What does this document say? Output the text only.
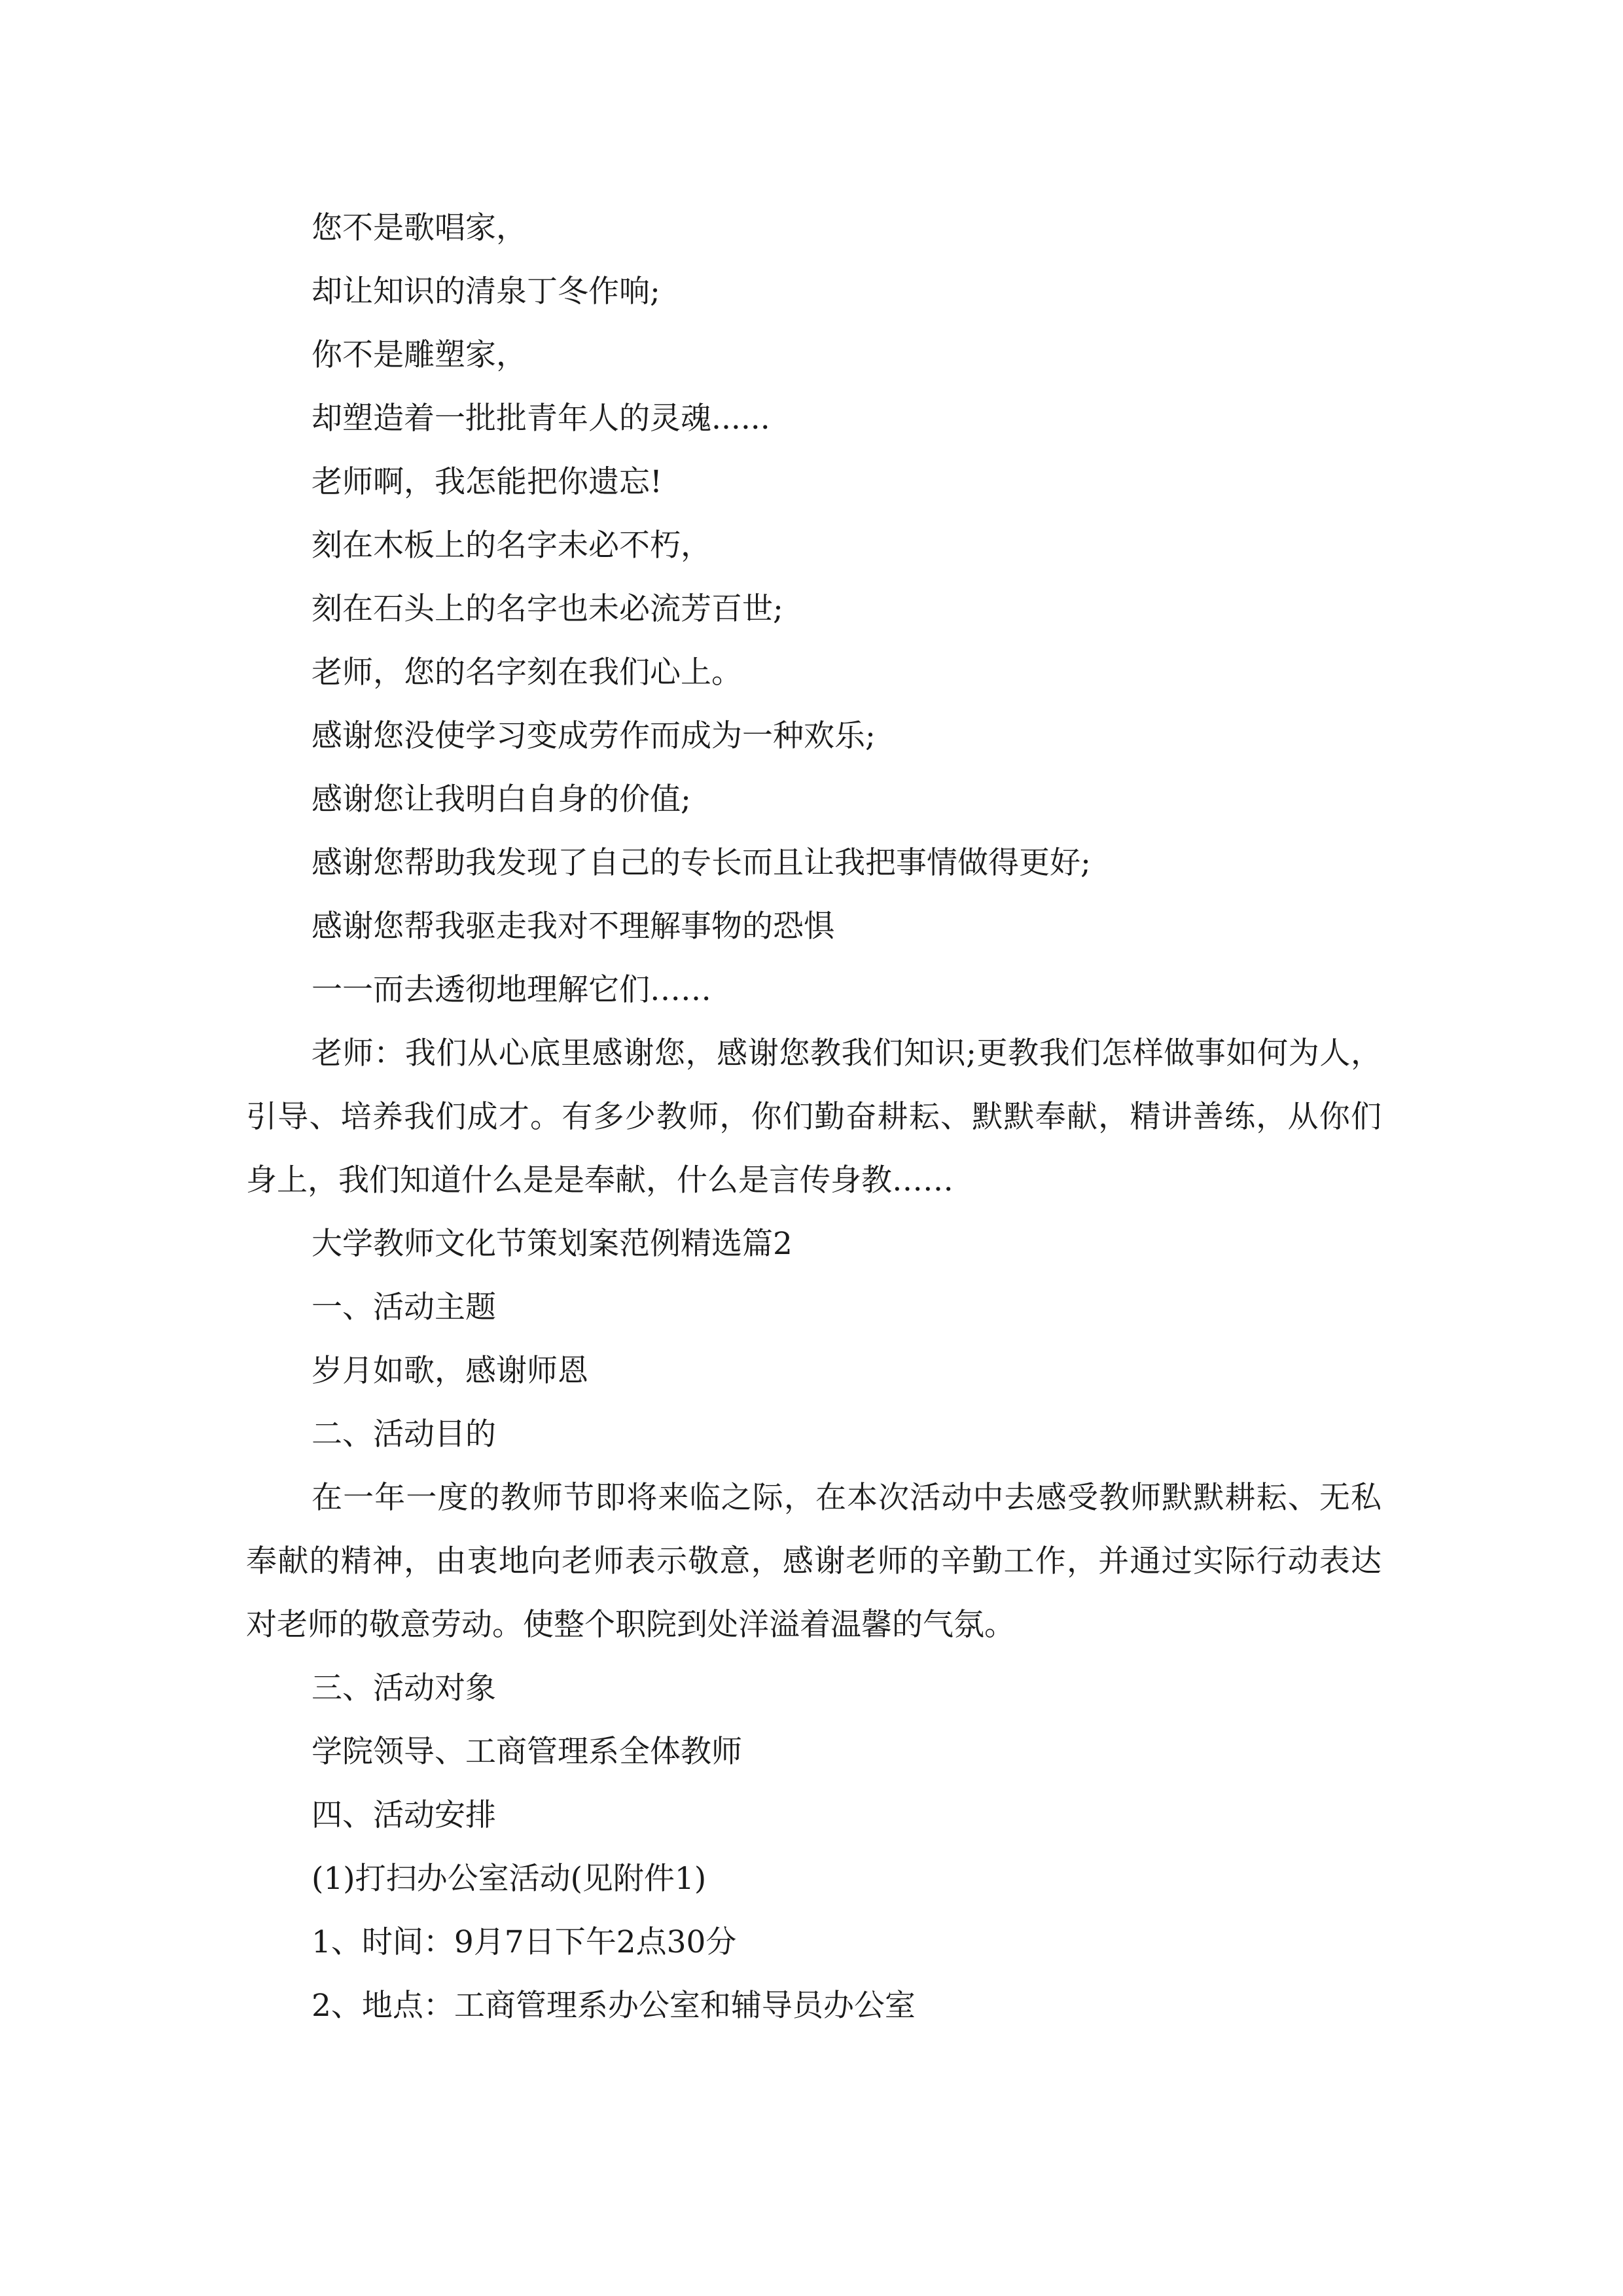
您不是歌唱家，

却让知识的清泉丁冬作响;

你不是雕塑家，

却塑造着一批批青年人的灵魂......

老师啊，我怎能把你遗忘!

刻在木板上的名字未必不朽，

刻在石头上的名字也未必流芳百世;

老师，您的名字刻在我们心上。

感谢您没使学习变成劳作而成为一种欢乐;

感谢您让我明白自身的价值;

感谢您帮助我发现了自己的专长而且让我把事情做得更好;

感谢您帮我驱走我对不理解事物的恐惧

一一而去透彻地理解它们……

老师：我们从心底里感谢您，感谢您教我们知识;更教我们怎样做事如何为人，引导、培养我们成才。有多少教师，你们勤奋耕耘、默默奉献，精讲善练，从你们身上，我们知道什么是是奉献，什么是言传身教……

大学教师文化节策划案范例精选篇2

一、活动主题

岁月如歌，感谢师恩

二、活动目的

在一年一度的教师节即将来临之际，在本次活动中去感受教师默默耕耘、无私奉献的精神，由衷地向老师表示敬意，感谢老师的辛勤工作，并通过实际行动表达对老师的敬意劳动。使整个职院到处洋溢着温馨的气氛。

三、活动对象

学院领导、工商管理系全体教师

四、活动安排

(1)打扫办公室活动(见附件1)

1、时间：9月7日下午2点30分

2、地点：工商管理系办公室和辅导员办公室
